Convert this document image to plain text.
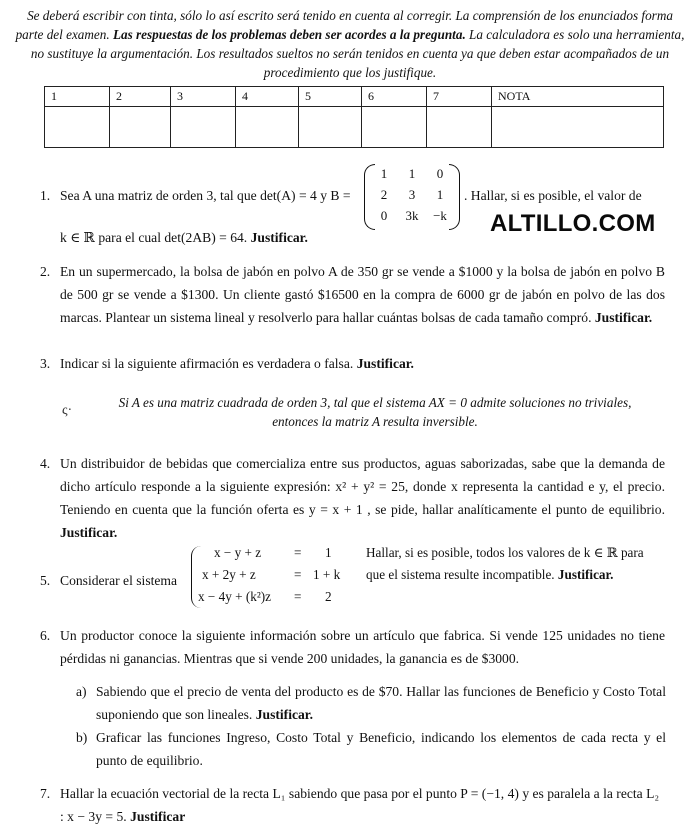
Se deberá escribir con tinta, sólo lo así escrito será tenido en cuenta al corregir. La comprensión de los enunciados forma parte del examen. Las respuestas de los problemas deben ser acordes a la pregunta. La calculadora es solo una herramienta, no sustituye la argumentación. Los resultados sueltos no serán tenidos en cuenta ya que deben estar acompañados de un procedimiento que los justifique.
1	2	3	4	5	6	7	NOTA

1. Sea A una matriz de orden 3, tal que det(A) = 4 y B =
1	1	0
2	3	1
0	3k	−k
. Hallar, si es posible, el valor de
k ∈ ℝ para el cual det(2AB) = 64. Justificar.
ALTILLO.COM
2. En un supermercado, la bolsa de jabón en polvo A de 350 gr se vende a $1000 y la bolsa de jabón en polvo B de 500 gr se vende a $1300. Un cliente gastó $16500 en la compra de 6000 gr de jabón en polvo de las dos marcas. Plantear un sistema lineal y resolverlo para hallar cuántas bolsas de cada tamaño compró. Justificar.
3. Indicar si la siguiente afirmación es verdadera o falsa. Justificar.
ς·
Si A es una matriz cuadrada de orden 3, tal que el sistema AX = 0 admite soluciones no triviales,
entonces la matriz A resulta inversible.
4. Un distribuidor de bebidas que comercializa entre sus productos, aguas saborizadas, sabe que la demanda de dicho artículo responde a la siguiente expresión: x² + y² = 25, donde x representa la cantidad e y, el precio. Teniendo en cuenta que la función oferta es y = x + 1 , se pide, hallar analíticamente el punto de equilibrio. Justificar.
5. Considerar el sistema
x − y + z = 1
x + 2y + z	= 1 + k
x − 4y + (k²)z = 2
Hallar, si es posible, todos los valores de k ∈ ℝ para
que el sistema resulte incompatible. Justificar.
6. Un productor conoce la siguiente información sobre un artículo que fabrica. Si vende 125 unidades no tiene pérdidas ni ganancias. Mientras que si vende 200 unidades, la ganancia es de $3000.
a) Sabiendo que el precio de venta del producto es de $70. Hallar las funciones de Beneficio y Costo Total suponiendo que son lineales. Justificar.
b) Graficar las funciones Ingreso, Costo Total y Beneficio, indicando los elementos de cada recta y el punto de equilibrio.
7. Hallar la ecuación vectorial de la recta L₁ sabiendo que pasa por el punto P = (−1, 4) y es paralela a la recta L₂ : x − 3y = 5. Justificar
